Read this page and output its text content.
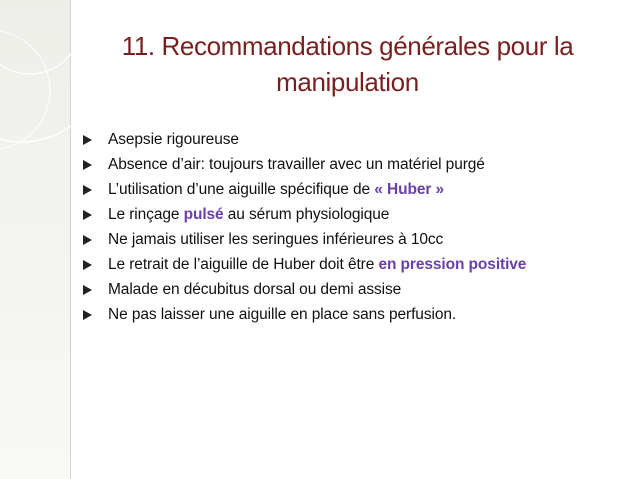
11. Recommandations générales pour la manipulation
Asepsie rigoureuse
Absence d’air: toujours travailler avec un matériel purgé
L’utilisation d’une aiguille spécifique de « Huber »
Le rinçage pulsé au sérum physiologique
Ne jamais utiliser les seringues inférieures à 10cc
Le retrait de l’aiguille de Huber doit être en pression positive
Malade en décubitus dorsal ou demi assise
Ne pas laisser une aiguille en place sans perfusion.
